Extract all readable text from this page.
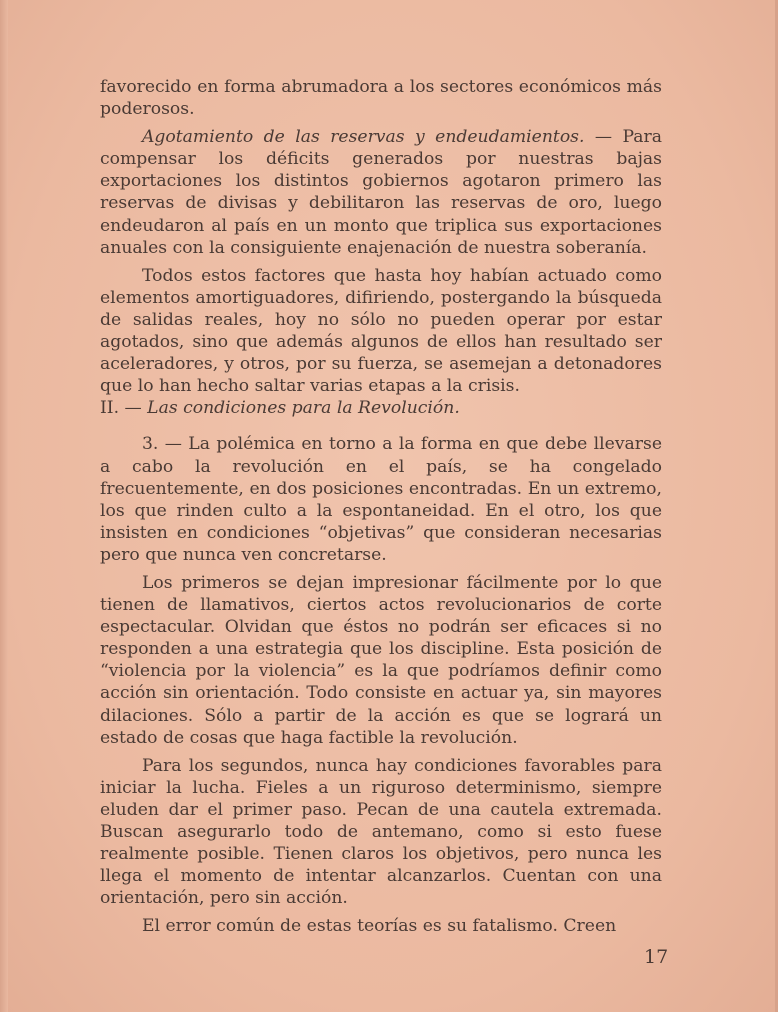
favorecido en forma abrumadora a los sectores económicos más poderosos.

Agotamiento de las reservas y endeudamientos. — Para compensar los déficits generados por nuestras bajas exportaciones los distintos gobiernos agotaron primero las reservas de divisas y debilitaron las reservas de oro, luego endeudaron al país en un monto que triplica sus exportaciones anuales con la consiguiente enajenación de nuestra soberanía.

Todos estos factores que hasta hoy habían actuado como elementos amortiguadores, difiriendo, postergando la búsqueda de salidas reales, hoy no sólo no pueden operar por estar agotados, sino que además algunos de ellos han resultado ser aceleradores, y otros, por su fuerza, se asemejan a detonadores que lo han hecho saltar varias etapas a la crisis.

II. — Las condiciones para la Revolución.

3. — La polémica en torno a la forma en que debe llevarse a cabo la revolución en el país, se ha congelado frecuentemente, en dos posiciones encontradas. En un extremo, los que rinden culto a la espontaneidad. En el otro, los que insisten en condiciones “objetivas” que consideran necesarias pero que nunca ven concretarse.

Los primeros se dejan impresionar fácilmente por lo que tienen de llamativos, ciertos actos revolucionarios de corte espectacular. Olvidan que éstos no podrán ser eficaces si no responden a una estrategia que los discipline. Esta posición de “violencia por la violencia” es la que podríamos definir como acción sin orientación. Todo consiste en actuar ya, sin mayores dilaciones. Sólo a partir de la acción es que se logrará un estado de cosas que haga factible la revolución.

Para los segundos, nunca hay condiciones favorables para iniciar la lucha. Fieles a un riguroso determinismo, siempre eluden dar el primer paso. Pecan de una cautela extremada. Buscan asegurarlo todo de antemano, como si esto fuese realmente posible. Tienen claros los objetivos, pero nunca les llega el momento de intentar alcanzarlos. Cuentan con una orientación, pero sin acción.

El error común de estas teorías es su fatalismo. Creen

17
